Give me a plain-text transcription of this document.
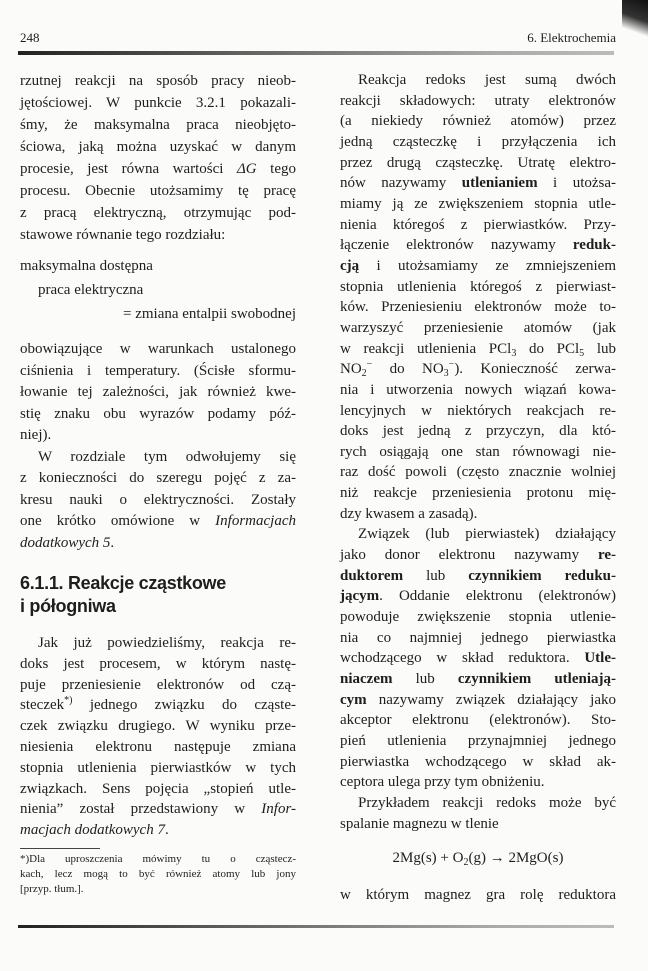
248	6. Elektrochemia
rzutnej reakcji na sposób pracy nieob-
jętościowej. W punkcie 3.2.1 pokazali-
śmy, że maksymalna praca nieobjęto-
ściowa, jaką można uzyskać w danym
procesie, jest równa wartości ΔG tego
procesu. Obecnie utożsamimy tę pracę
z pracą elektryczną, otrzymując pod-
stawowe równanie tego rozdziału:
maksymalna dostępna
praca elektryczna
= zmiana entalpii swobodnej
obowiązujące w warunkach ustalonego
ciśnienia i temperatury. (Ścisłe sformu-
łowanie tej zależności, jak również kwe-
stię znaku obu wyrazów podamy póź-
niej).
W rozdziale tym odwołujemy się
z konieczności do szeregu pojęć z za-
kresu nauki o elektryczności. Zostały
one krótko omówione w Informacjach
dodatkowych 5.
6.1.1. Reakcje cząstkowe
i półogniwa
Jak już powiedzieliśmy, reakcja re-
doks jest procesem, w którym nastę-
puje przeniesienie elektronów od czą-
steczek*) jednego związku do cząste-
czek związku drugiego. W wyniku prze-
niesienia elektronu następuje zmiana
stopnia utlenienia pierwiastków w tych
związkach. Sens pojęcia „stopień utle-
nienia” został przedstawiony w Infor-
macjach dodatkowych 7.
*)Dla uproszczenia mówimy tu o cząstecz-
kach, lecz mogą to być również atomy lub jony
[przyp. tłum.].
Reakcja redoks jest sumą dwóch
reakcji składowych: utraty elektronów
(a niekiedy również atomów) przez
jedną cząsteczkę i przyłączenia ich
przez drugą cząsteczkę. Utratę elektro-
nów nazywamy utlenianiem i utożsa-
miamy ją ze zwiększeniem stopnia utle-
nienia któregoś z pierwiastków. Przy-
łączenie elektronów nazywamy reduk-
cją i utożsamiamy ze zmniejszeniem
stopnia utlenienia któregoś z pierwiast-
ków. Przeniesieniu elektronów może to-
warzyszyć przeniesienie atomów (jak
w reakcji utlenienia PCl$_3$ do PCl$_5$ lub
$NO_2^-$ do $NO_3^-$). Konieczność zerwa-
nia i utworzenia nowych wiązań kowa-
lencyjnych w niektórych reakcjach re-
doks jest jedną z przyczyn, dla któ-
rych osiągają one stan równowagi nie-
raz dość powoli (często znacznie wolniej
niż reakcje przeniesienia protonu mię-
dzy kwasem a zasadą).
Związek (lub pierwiastek) działający
jako donor elektronu nazywamy re-
duktorem lub czynnikiem reduku-
jącym. Oddanie elektronu (elektronów)
powoduje zwiększenie stopnia utlenie-
nia co najmniej jednego pierwiastka
wchodzącego w skład reduktora. Utle-
niaczem lub czynnikiem utleniają-
cym nazywamy związek działający jako
akceptor elektronu (elektronów). Sto-
pień utlenienia przynajmniej jednego
pierwiastka wchodzącego w skład ak-
ceptora ulega przy tym obniżeniu.
Przykładem reakcji redoks może być
spalanie magnezu w tlenie
$2Mg(s) + O_2(g) \to 2MgO(s)$
w którym magnez gra rolę reduktora
